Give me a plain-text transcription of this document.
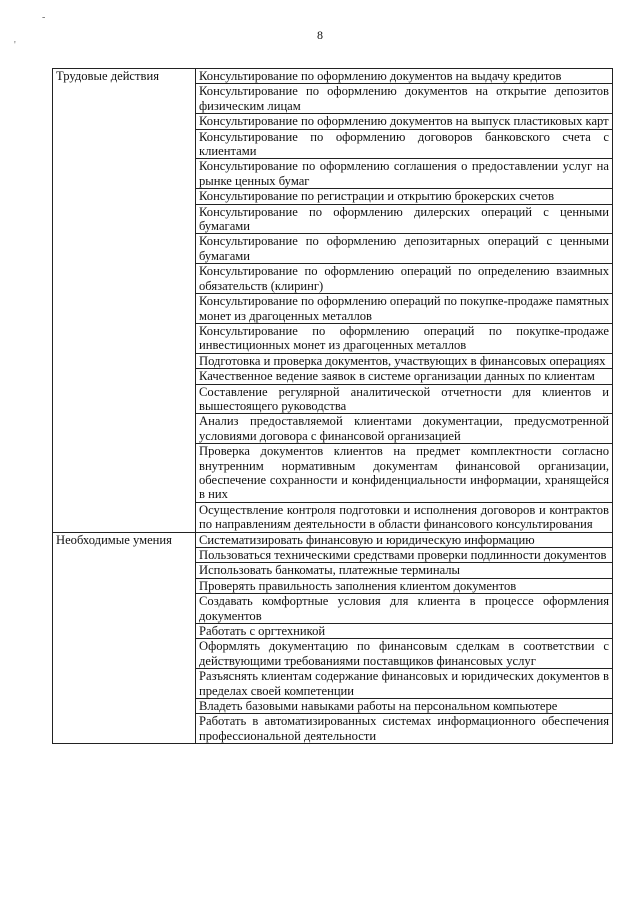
-
'
8
Трудовые действия	Консультирование по оформлению документов на выдачу кредитов
	Консультирование по оформлению документов на открытие депозитов физическим лицам
	Консультирование по оформлению документов на выпуск пластиковых карт
	Консультирование по оформлению договоров банковского счета с клиентами
	Консультирование по оформлению соглашения о предоставлении услуг на рынке ценных бумаг
	Консультирование по регистрации и открытию брокерских счетов
	Консультирование по оформлению дилерских операций с ценными бумагами
	Консультирование по оформлению депозитарных операций с ценными бумагами
	Консультирование по оформлению операций по определению взаимных обязательств (клиринг)
	Консультирование по оформлению операций по покупке-продаже памятных монет из драгоценных металлов
	Консультирование по оформлению операций по покупке-продаже инвестиционных монет из драгоценных металлов
	Подготовка и проверка документов, участвующих в финансовых операциях
	Качественное ведение заявок в системе организации данных по клиентам
	Составление регулярной аналитической отчетности для клиентов и вышестоящего руководства
	Анализ предоставляемой клиентами документации, предусмотренной условиями договора с финансовой организацией
	Проверка документов клиентов на предмет комплектности согласно внутренним нормативным документам финансовой организации, обеспечение сохранности и конфиденциальности информации, хранящейся в них
	Осуществление контроля подготовки и исполнения договоров и контрактов по направлениям деятельности в области финансового консультирования
Необходимые умения	Систематизировать финансовую и юридическую информацию
	Пользоваться техническими средствами проверки подлинности документов
	Использовать банкоматы, платежные терминалы
	Проверять правильность заполнения клиентом документов
	Создавать комфортные условия для клиента в процессе оформления документов
	Работать с оргтехникой
	Оформлять документацию по финансовым сделкам в соответствии с действующими требованиями поставщиков финансовых услуг
	Разъяснять клиентам содержание финансовых и юридических документов в пределах своей компетенции
	Владеть базовыми навыками работы на персональном компьютере
	Работать в автоматизированных системах информационного обеспечения профессиональной деятельности
